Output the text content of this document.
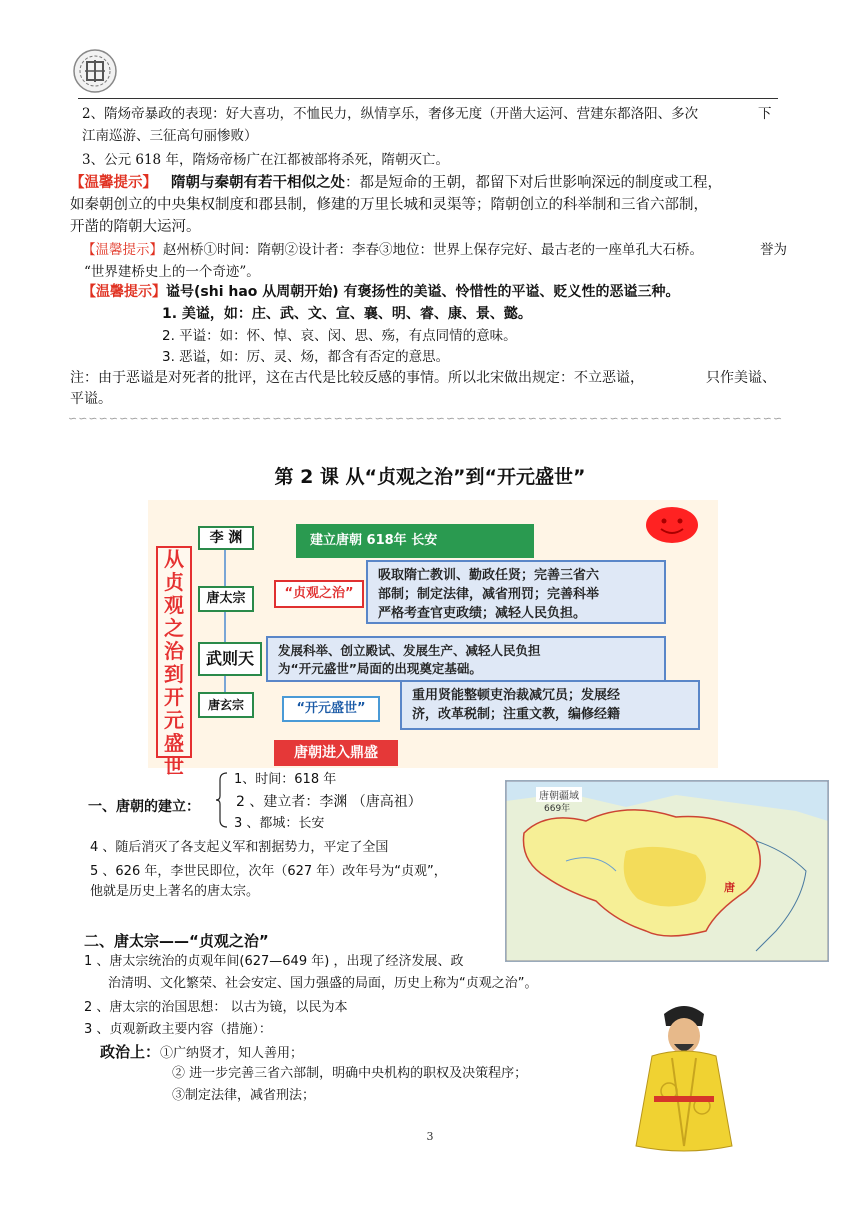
2、隋炀帝暴政的表现：好大喜功，不恤民力，纵情享乐，奢侈无度（开凿大运河、营建东都洛阳、多次	下
江南巡游、三征高句丽惨败）
3、公元 618 年，隋炀帝杨广在江都被部将杀死，隋朝灭亡。
【温馨提示】 隋朝与秦朝有若干相似之处：都是短命的王朝，都留下对后世影响深远的制度或工程，
如秦朝创立的中央集权制度和郡县制，修建的万里长城和灵渠等；隋朝创立的科举制和三省六部制，
开凿的隋朝大运河。
【温馨提示】赵州桥①时间：隋朝②设计者：李春③地位：世界上保存完好、最古老的一座单孔大石桥。	誉为
“世界建桥史上的一个奇迹”。
【温馨提示】谥号(shi hao 从周朝开始) 有褒扬性的美谥、怜惜性的平谥、贬义性的恶谥三种。
1. 美谥，如：庄、武、文、宣、襄、明、睿、康、景、懿。
2. 平谥：如：怀、悼、哀、闵、思、殇，有点同情的意味。
3. 恶谥，如：厉、灵、炀，都含有否定的意思。
注：由于恶谥是对死者的批评，这在古代是比较反感的事情。所以北宋做出规定：不立恶谥，	只作美谥、
平谥。
∽∽∽∽∽∽∽∽∽∽∽∽∽∽∽∽∽∽∽∽∽∽∽∽∽∽∽∽∽∽∽∽∽∽∽∽∽∽∽∽∽∽∽∽∽∽∽∽∽∽∽∽∽∽∽∽∽∽∽∽∽∽∽∽∽∽∽∽∽∽
第 2 课 从“贞观之治”到“开元盛世”
从贞观之治到开元盛世
李 渊
唐太宗
武则天
唐玄宗
建立唐朝 618年 长安
“贞观之治”
“开元盛世”
唐朝进入鼎盛
吸取隋亡教训、勤政任贤；完善三省六
部制；制定法律，减省刑罚；完善科举
严格考查官吏政绩；减轻人民负担。
发展科举、创立殿试、发展生产、减轻人民负担
为“开元盛世”局面的出现奠定基础。
重用贤能整顿吏治裁减冗员；发展经
济，改革税制；注重文教，编修经籍
一、唐朝的建立：
1、时间：618 年
2 、建立者：李渊 （唐高祖）
3 、都城：长安
4 、随后消灭了各支起义军和割据势力，平定了全国
5 、626 年，李世民即位，次年（627 年）改年号为“贞观”，
他就是历史上著名的唐太宗。
唐朝疆域
669年
唐
二、唐太宗——“贞观之治”
1 、唐太宗统治的贞观年间(627—649 年) ，出现了经济发展、政
治清明、文化繁荣、社会安定、国力强盛的局面，历史上称为“贞观之治”。
2 、唐太宗的治国思想： 以古为镜，以民为本
3 、贞观新政主要内容（措施）：
政治上：①广纳贤才，知人善用；
② 进一步完善三省六部制，明确中央机构的职权及决策程序；
③制定法律，减省刑法；
3
